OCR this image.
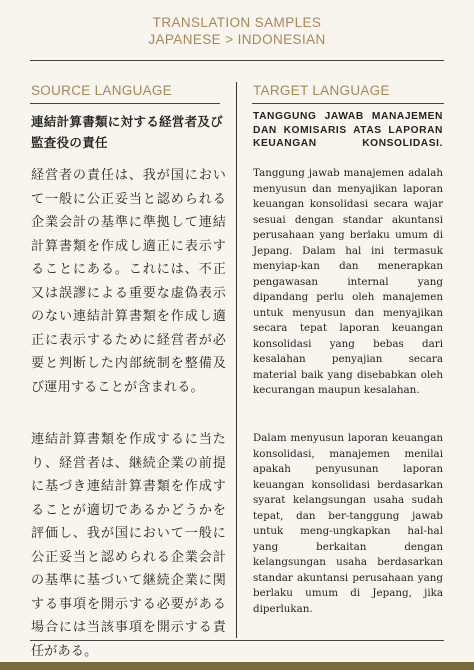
TRANSLATION SAMPLES
JAPANESE > INDONESIAN
SOURCE LANGUAGE	TARGET LANGUAGE
連結計算書類に対する経営者及び監査役の責任
経営者の責任は、我が国において一般に公正妥当と認められる企業会計の基準に準拠して連結計算書類を作成し適正に表示することにある。これには、不正又は誤謬による重要な虚偽表示のない連結計算書類を作成し適正に表示するために経営者が必要と判断した内部統制を整備及び運用することが含まれる。
連結計算書類を作成するに当たり、経営者は、継続企業の前提に基づき連結計算書類を作成することが適切であるかどうかを評価し、我が国において一般に公正妥当と認められる企業会計の基準に基づいて継続企業に関する事項を開示する必要がある場合には当該事項を開示する責任がある。
TANGGUNG JAWAB MANAJEMEN DAN KOMISARIS ATAS LAPORAN KEUANGAN KONSOLIDASI.
Tanggung jawab manajemen adalah menyusun dan menyajikan laporan keuangan konsolidasi secara wajar sesuai dengan standar akuntansi perusahaan yang berlaku umum di Jepang. Dalam hal ini termasuk menyiap-kan dan menerapkan pengawasan internal yang dipandang perlu oleh manajemen untuk menyusun dan menyajikan secara tepat laporan keuangan konsolidasi yang bebas dari kesalahan penyajian secara material baik yang disebabkan oleh kecurangan maupun kesalahan.
Dalam menyusun laporan keuangan konsolidasi, manajemen menilai apakah penyusunan laporan keuangan konsolidasi berdasarkan syarat kelangsungan usaha sudah tepat, dan ber-tanggung jawab untuk meng-ungkapkan hal-hal yang berkaitan dengan kelangsungan usaha berdasarkan standar akuntansi perusahaan yang berlaku umum di Jepang, jika diperlukan.
